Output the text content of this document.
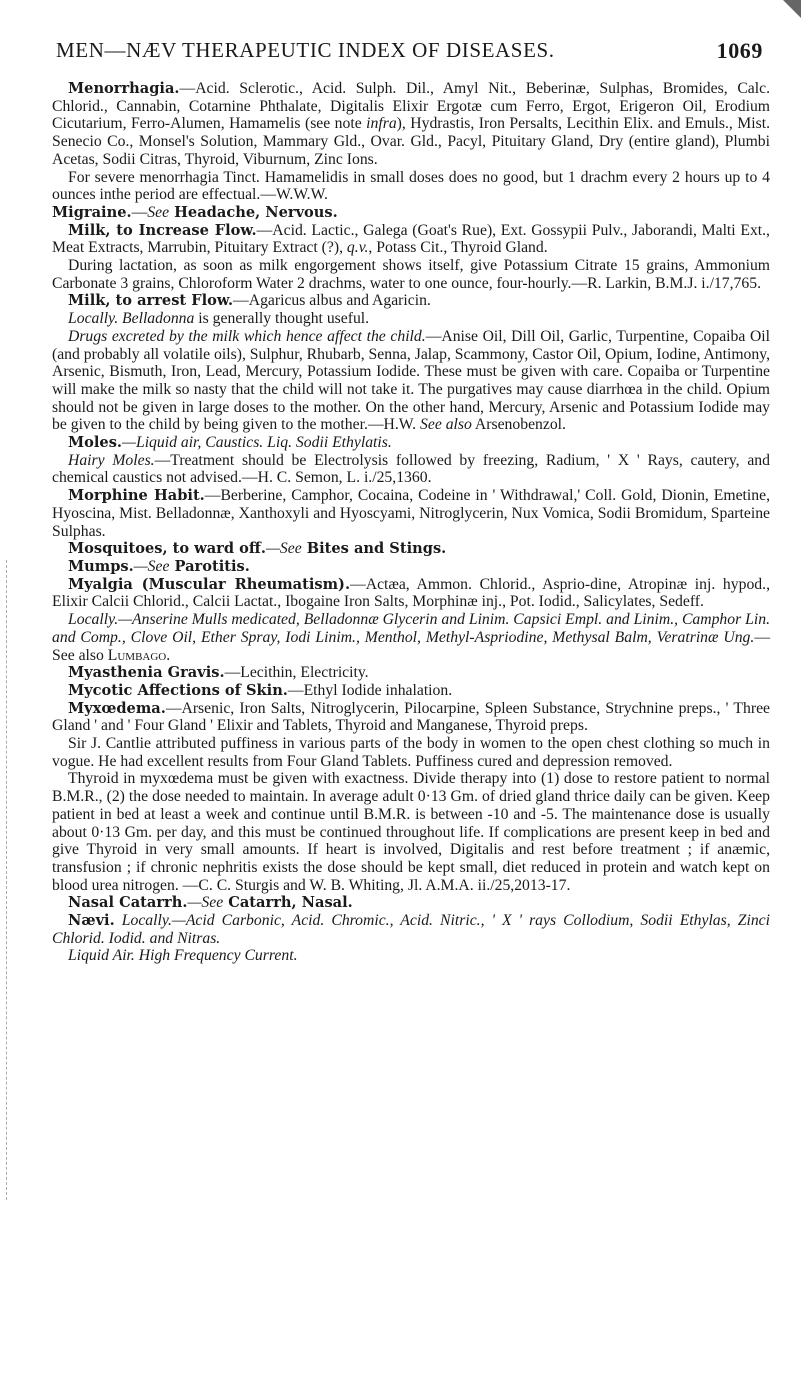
MEN—NÆV THERAPEUTIC INDEX OF DISEASES.	1069

Menorrhagia.—Acid. Sclerotic., Acid. Sulph. Dil., Amyl Nit., Beberinæ, Sulphas, Bromides, Calc. Chlorid., Cannabin, Cotarnine Phthalate, Digitalis Elixir Ergotæ cum Ferro, Ergot, Erigeron Oil, Erodium Cicutarium, Ferro-Alumen, Hamamelis (see note infra), Hydrastis, Iron Persalts, Lecithin Elix. and Emuls., Mist. Senecio Co., Monsel's Solution, Mammary Gld., Ovar. Gld., Pacyl, Pituitary Gland, Dry (entire gland), Plumbi Acetas, Sodii Citras, Thyroid, Viburnum, Zinc Ions.

For severe menorrhagia Tinct. Hamamelidis in small doses does no good, but 1 drachm every 2 hours up to 4 ounces inthe period are effectual.—W.W.W.

Migraine.—See Headache, Nervous.

Milk, to Increase Flow.—Acid. Lactic., Galega (Goat's Rue), Ext. Gossypii Pulv., Jaborandi, Malti Ext., Meat Extracts, Marrubin, Pituitary Extract (?), q.v., Potass Cit., Thyroid Gland.

During lactation, as soon as milk engorgement shows itself, give Potassium Citrate 15 grains, Ammonium Carbonate 3 grains, Chloroform Water 2 drachms, water to one ounce, four-hourly.—R. Larkin, B.M.J. i./17,765.

Milk, to arrest Flow.—Agaricus albus and Agaricin.

Locally. Belladonna is generally thought useful.

Drugs excreted by the milk which hence affect the child.—Anise Oil, Dill Oil, Garlic, Turpentine, Copaiba Oil (and probably all volatile oils), Sulphur, Rhubarb, Senna, Jalap, Scammony, Castor Oil, Opium, Iodine, Antimony, Arsenic, Bismuth, Iron, Lead, Mercury, Potassium Iodide. These must be given with care. Copaiba or Turpentine will make the milk so nasty that the child will not take it. The purgatives may cause diarrhœa in the child. Opium should not be given in large doses to the mother. On the other hand, Mercury, Arsenic and Potassium Iodide may be given to the child by being given to the mother.—H.W. See also Arsenobenzol.

Moles.—Liquid air, Caustics. Liq. Sodii Ethylatis.

Hairy Moles.—Treatment should be Electrolysis followed by freezing, Radium, ' X ' Rays, cautery, and chemical caustics not advised.—H. C. Semon, L. i./25,1360.

Morphine Habit.—Berberine, Camphor, Cocaina, Codeine in ' Withdrawal,' Coll. Gold, Dionin, Emetine, Hyoscina, Mist. Belladonnæ, Xanthoxyli and Hyoscyami, Nitroglycerin, Nux Vomica, Sodii Bromidum, Sparteine Sulphas.

Mosquitoes, to ward off.—See Bites and Stings.

Mumps.—See Parotitis.

Myalgia (Muscular Rheumatism).—Actæa, Ammon. Chlorid., Asprio-dine, Atropinæ inj. hypod., Elixir Calcii Chlorid., Calcii Lactat., Ibogaine Iron Salts, Morphinæ inj., Pot. Iodid., Salicylates, Sedeff.

Locally.—Anserine Mulls medicated, Belladonnæ Glycerin and Linim. Capsici Empl. and Linim., Camphor Lin. and Comp., Clove Oil, Ether Spray, Iodi Linim., Menthol, Methyl-Aspriodine, Methysal Balm, Veratrinæ Ung.—See also Lumbago.

Myasthenia Gravis.—Lecithin, Electricity.

Mycotic Affections of Skin.—Ethyl Iodide inhalation.

Myxœdema.—Arsenic, Iron Salts, Nitroglycerin, Pilocarpine, Spleen Substance, Strychnine preps., ' Three Gland ' and ' Four Gland ' Elixir and Tablets, Thyroid and Manganese, Thyroid preps.

Sir J. Cantlie attributed puffiness in various parts of the body in women to the open chest clothing so much in vogue. He had excellent results from Four Gland Tablets. Puffiness cured and depression removed.

Thyroid in myxœdema must be given with exactness. Divide therapy into (1) dose to restore patient to normal B.M.R., (2) the dose needed to maintain. In average adult 0·13 Gm. of dried gland thrice daily can be given. Keep patient in bed at least a week and continue until B.M.R. is between -10 and -5. The maintenance dose is usually about 0·13 Gm. per day, and this must be continued throughout life. If complications are present keep in bed and give Thyroid in very small amounts. If heart is involved, Digitalis and rest before treatment ; if anæmic, transfusion ; if chronic nephritis exists the dose should be kept small, diet reduced in protein and watch kept on blood urea nitrogen. —C. C. Sturgis and W. B. Whiting, Jl. A.M.A. ii./25,2013-17.

Nasal Catarrh.—See Catarrh, Nasal.

Nævi. Locally.—Acid Carbonic, Acid. Chromic., Acid. Nitric., ' X ' rays Collodium, Sodii Ethylas, Zinci Chlorid. Iodid. and Nitras.

Liquid Air. High Frequency Current.
